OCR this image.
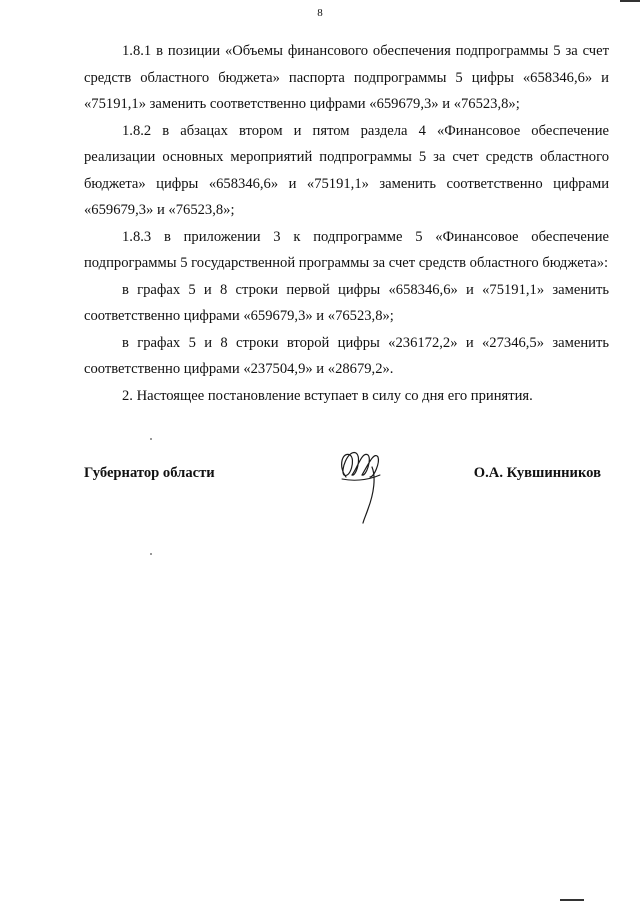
8

1.8.1 в позиции «Объемы финансового обеспечения подпрограммы 5 за счет средств областного бюджета» паспорта подпрограммы 5 цифры «658346,6» и «75191,1» заменить соответственно цифрами «659679,3» и «76523,8»;

1.8.2 в абзацах втором и пятом раздела 4 «Финансовое обеспечение реализации основных мероприятий подпрограммы 5 за счет средств областного бюджета» цифры «658346,6» и «75191,1» заменить соответственно цифрами «659679,3» и «76523,8»;

1.8.3 в приложении 3 к подпрограмме 5 «Финансовое обеспечение подпрограммы 5 государственной программы за счет средств областного бюджета»:

в графах 5 и 8 строки первой цифры «658346,6» и «75191,1» заменить соответственно цифрами «659679,3» и «76523,8»;

в графах 5 и 8 строки второй цифры «236172,2» и «27346,5» заменить соответственно цифрами «237504,9» и «28679,2».

2. Настоящее постановление вступает в силу со дня его принятия.

Губернатор области	О.А. Кувшинников
